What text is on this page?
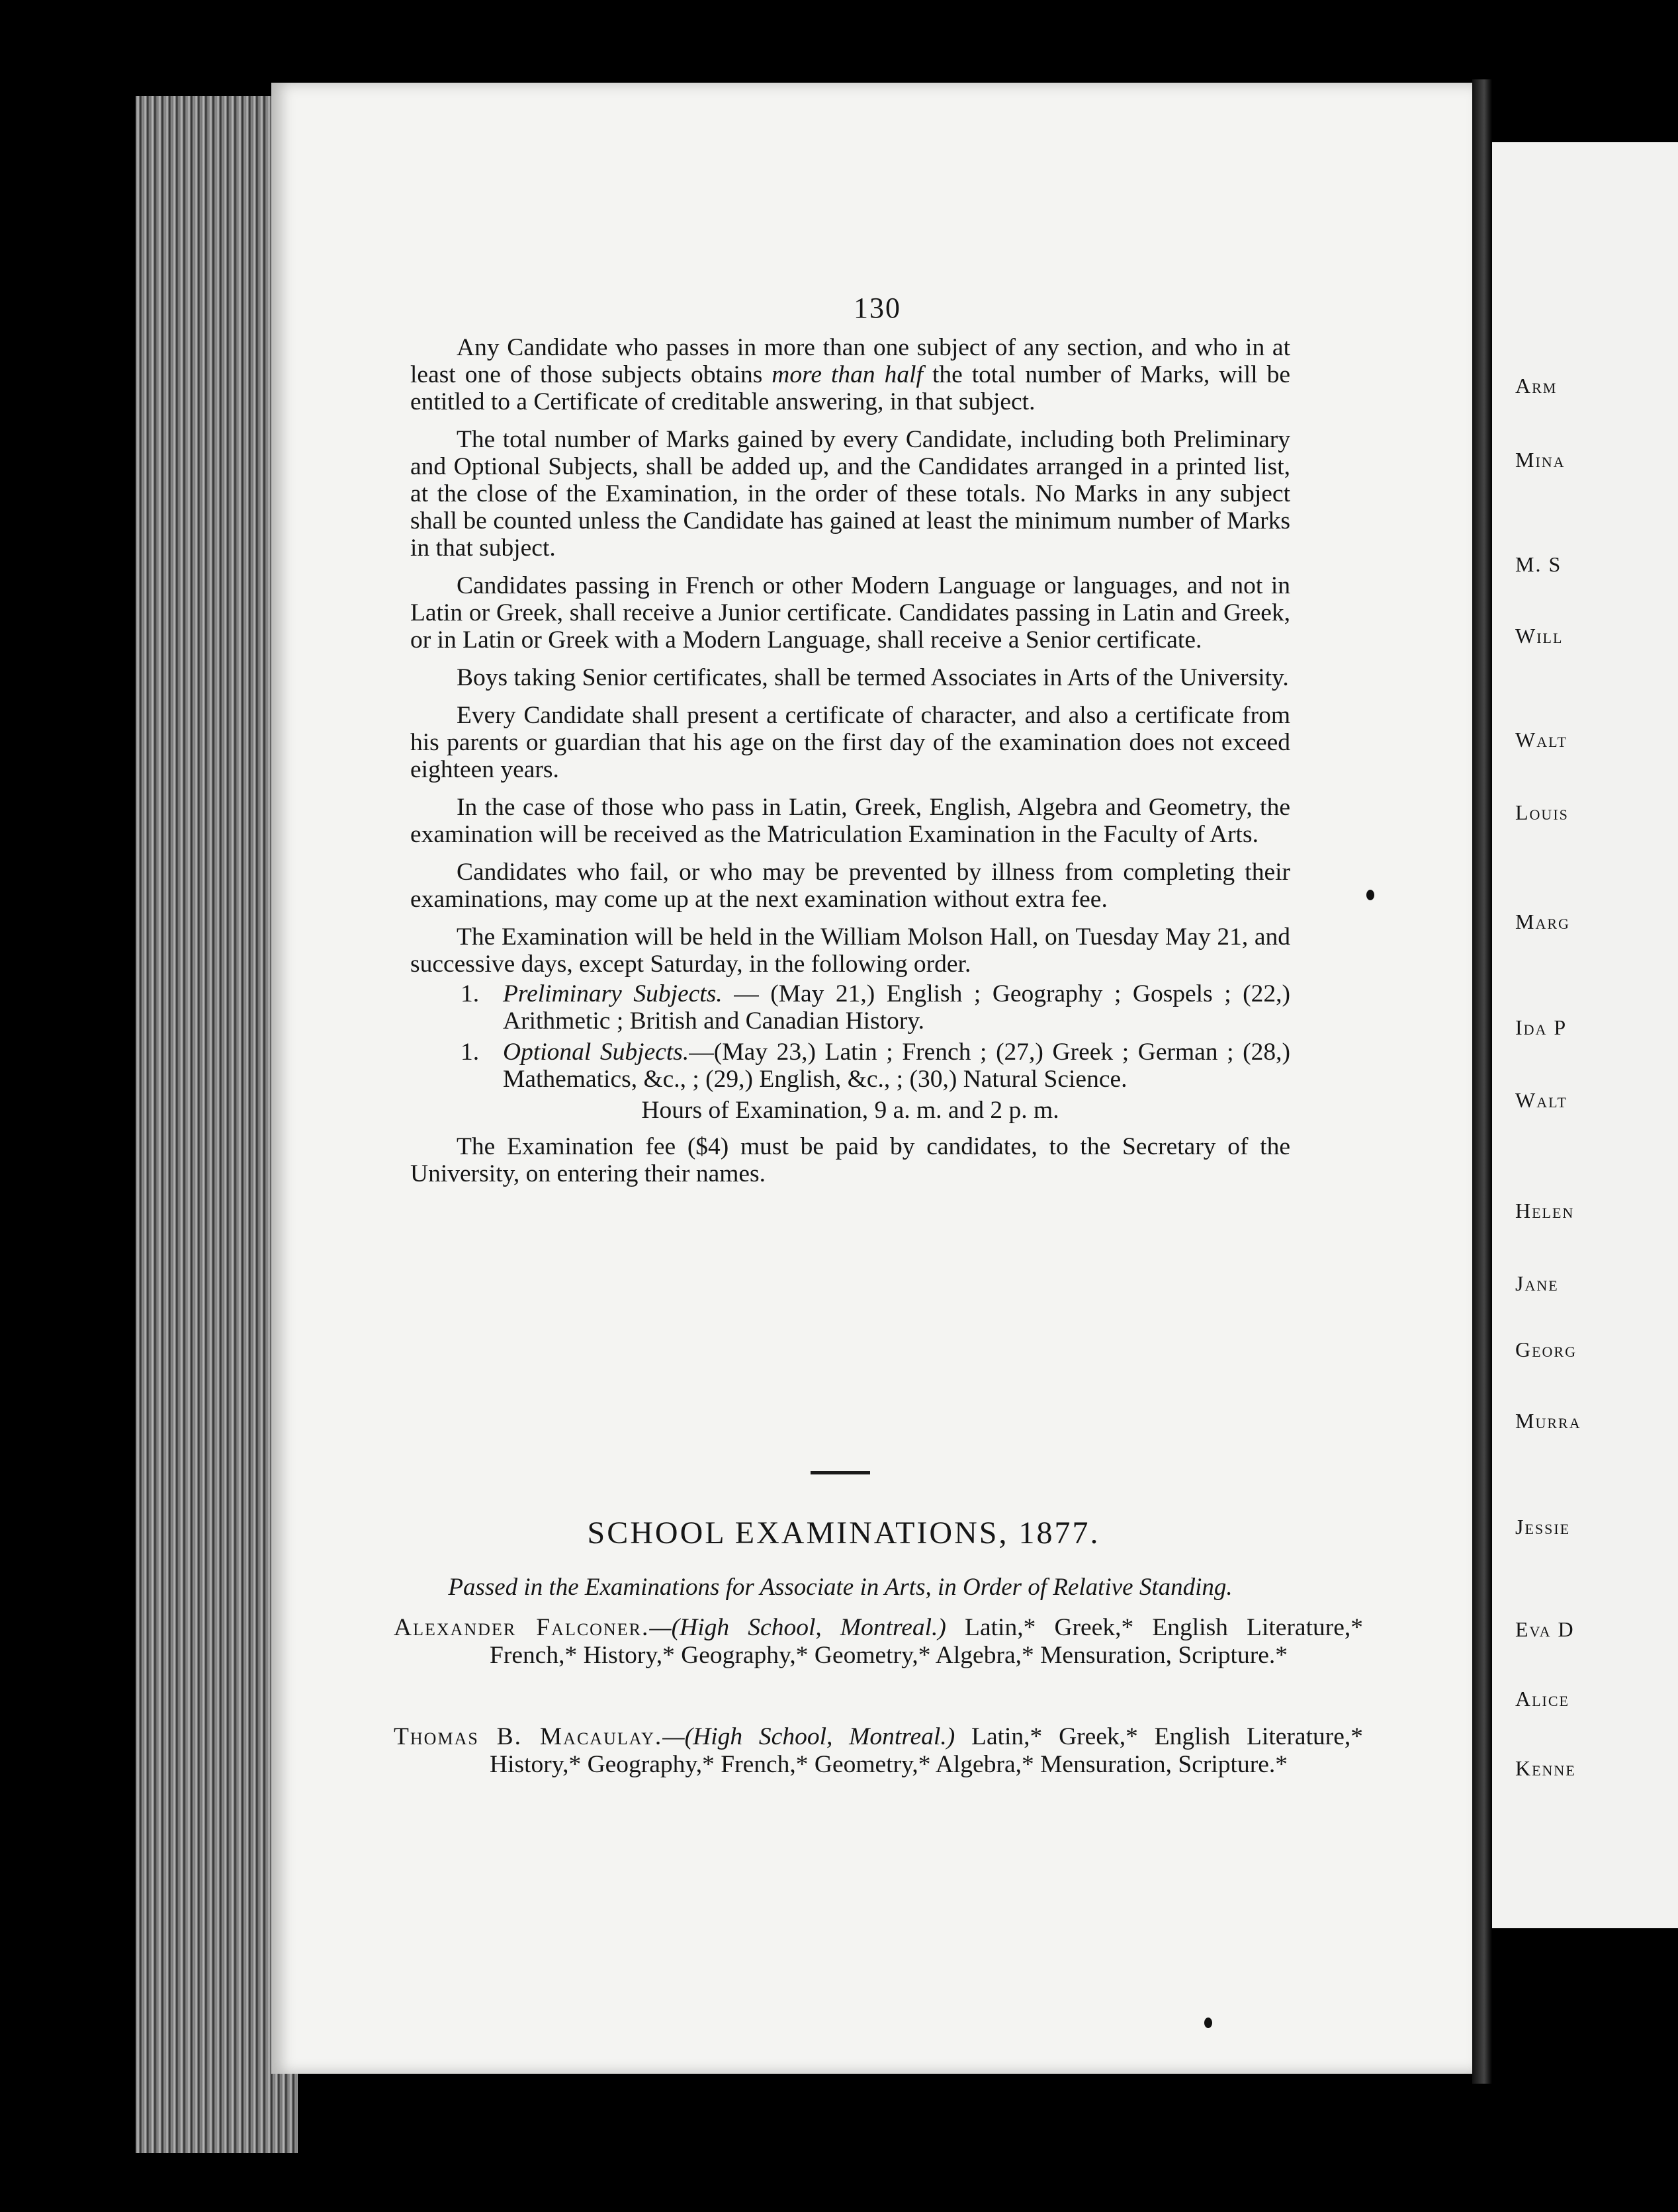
Arm
Mina
M. S
Will
Walt
Louis
Marg
Ida P
Walt
Helen
Jane
Georg
Murra
Jessie
Eva D
Alice
Kenne
130

Any Candidate who passes in more than one subject of any section, and who in at least one of those subjects obtains more than half the total number of Marks, will be entitled to a Certificate of creditable answering, in that subject.

The total number of Marks gained by every Candidate, including both Preliminary and Optional Subjects, shall be added up, and the Candidates arranged in a printed list, at the close of the Examination, in the order of these totals. No Marks in any subject shall be counted unless the Candidate has gained at least the minimum number of Marks in that subject.

Candidates passing in French or other Modern Language or languages, and not in Latin or Greek, shall receive a Junior certificate. Candidates passing in Latin and Greek, or in Latin or Greek with a Modern Language, shall receive a Senior certificate.

Boys taking Senior certificates, shall be termed Associates in Arts of the University.

Every Candidate shall present a certificate of character, and also a certificate from his parents or guardian that his age on the first day of the examination does not exceed eighteen years.

In the case of those who pass in Latin, Greek, English, Algebra and Geometry, the examination will be received as the Matriculation Examination in the Faculty of Arts.

Candidates who fail, or who may be prevented by illness from completing their examinations, may come up at the next examination without extra fee.

The Examination will be held in the William Molson Hall, on Tuesday May 21, and successive days, except Saturday, in the following order.

1. Preliminary Subjects. — (May 21,) English ; Geography ; Gospels ; (22,) Arithmetic ; British and Canadian History.
1. Optional Subjects.—(May 23,) Latin ; French ; (27,) Greek ; German ; (28,) Mathematics, &c., ; (29,) English, &c., ; (30,) Natural Science.
Hours of Examination, 9 a. m. and 2 p. m.

The Examination fee ($4) must be paid by candidates, to the Secretary of the University, on entering their names.

SCHOOL EXAMINATIONS, 1877.
Passed in the Examinations for Associate in Arts, in Order of Relative Standing.
Alexander Falconer.—(High School, Montreal.) Latin,* Greek,* English Literature,* French,* History,* Geography,* Geometry,* Algebra,* Mensuration, Scripture.*
Thomas B. Macaulay.—(High School, Montreal.) Latin,* Greek,* English Literature,* History,* Geography,* French,* Geometry,* Algebra,* Mensuration, Scripture.*
